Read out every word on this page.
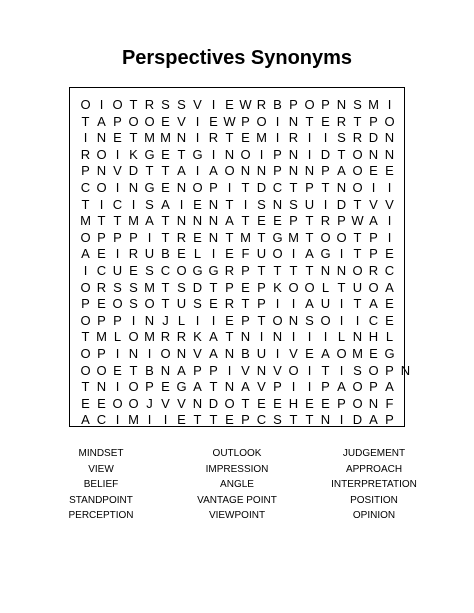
Perspectives Synonyms
O I O T R S S V I E W R B P O P N S M I
T A P O O E V I E W P O I N T E R T P O
I N E T M M N I R T E M I R I I S R D N
R O I K G E T G I N O I P N I D T O N N
P N V D T T A I A O N N P N N P A O E E
C O I N G E N O P I T D C T P T N O I I
T I C I S A I E N T I S N S U I D T V V
M T T M A T N N N A T E E P T R P W A I
O P P P I T R E N T M T G M T O O T P I
A E I R U B E L I E F U O I A G I T P E
I C U E S C O G G R P T T T T N N O R C
O R S S M T S D T P E P K O O L T U O A
P E O S O T U S E R T P I I A U I T A E
O P P I N J L I I E P T O N S O I I C E
T M L O M R R K A T N I N I I I L N H L
O P I N I O N V A N B U I V E A O M E G
O O E T B N A P P I V N V O I T I S O P N
T N I O P E G A T N A V P I I P A O P A
E E O O J V V N D O T E E H E E P O N F
A C I M I I E T T E P C S T T N I D A P
MINDSET	OUTLOOK	JUDGEMENT
VIEW	IMPRESSION	APPROACH
BELIEF	ANGLE	INTERPRETATION
STANDPOINT	VANTAGE POINT	POSITION
PERCEPTION	VIEWPOINT	OPINION
